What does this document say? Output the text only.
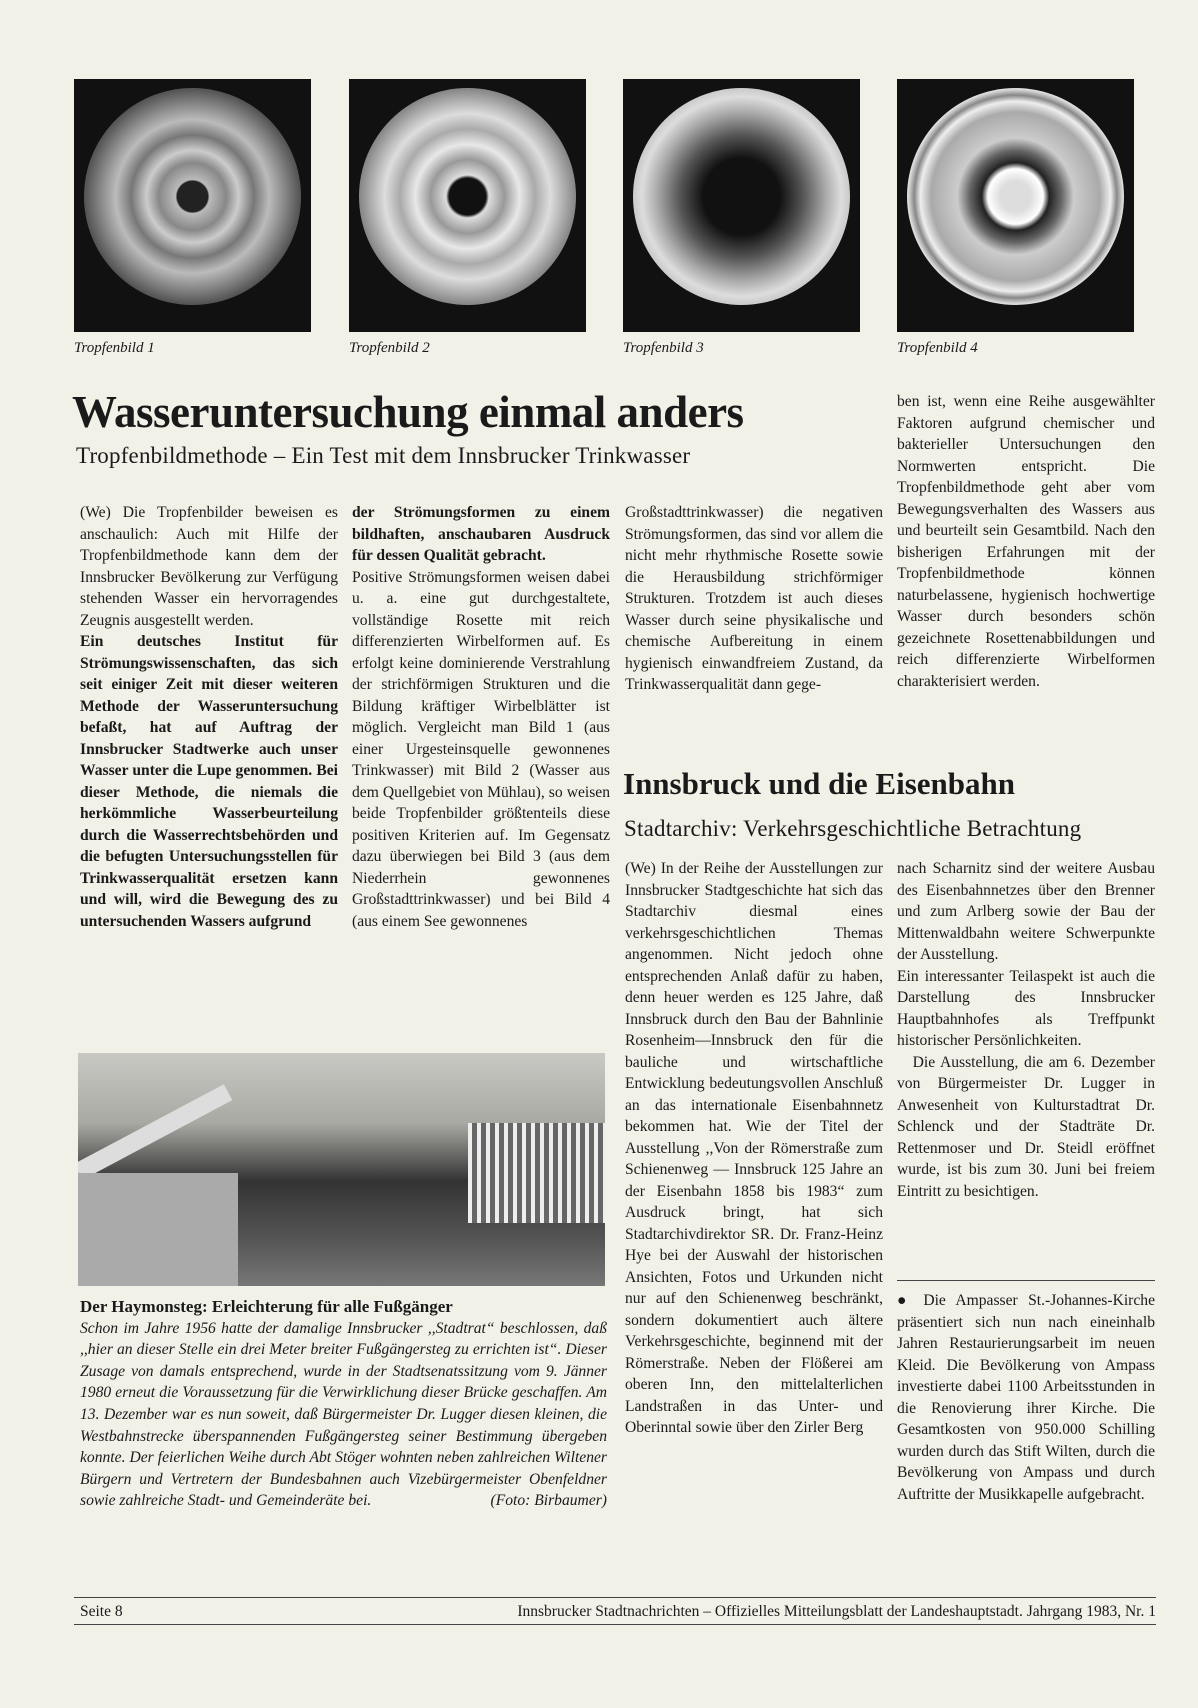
Tropfenbild 1	Tropfenbild 2	Tropfenbild 3	Tropfenbild 4
Wasseruntersuchung einmal anders
Tropfenbildmethode – Ein Test mit dem Innsbrucker Trinkwasser

(We) Die Tropfenbilder beweisen es anschaulich: Auch mit Hilfe der Tropfenbildmethode kann dem der Innsbrucker Bevölkerung zur Verfügung stehenden Wasser ein hervorragendes Zeugnis ausgestellt werden.

Ein deutsches Institut für Strömungswissenschaften, das sich seit einiger Zeit mit dieser weiteren Methode der Wasseruntersuchung befaßt, hat auf Auftrag der Innsbrucker Stadtwerke auch unser Wasser unter die Lupe genommen. Bei dieser Methode, die niemals die herkömmliche Wasserbeurteilung durch die Wasserrechtsbehörden und die befugten Untersuchungsstellen für Trinkwasserqualität ersetzen kann und will, wird die Bewegung des zu untersuchenden Wassers aufgrund

der Strömungsformen zu einem bildhaften, anschaubaren Ausdruck für dessen Qualität gebracht.

Positive Strömungsformen weisen dabei u. a. eine gut durchgestaltete, vollständige Rosette mit reich differenzierten Wirbelformen auf. Es erfolgt keine dominierende Verstrahlung der strichförmigen Strukturen und die Bildung kräftiger Wirbelblätter ist möglich. Vergleicht man Bild 1 (aus einer Urgesteinsquelle gewonnenes Trinkwasser) mit Bild 2 (Wasser aus dem Quellgebiet von Mühlau), so weisen beide Tropfenbilder größtenteils diese positiven Kriterien auf. Im Gegensatz dazu überwiegen bei Bild 3 (aus dem Niederrhein gewonnenes Großstadttrinkwasser) und bei Bild 4 (aus einem See gewonnenes

Großstadttrinkwasser) die negativen Strömungsformen, das sind vor allem die nicht mehr rhythmische Rosette sowie die Herausbildung strichförmiger Strukturen. Trotzdem ist auch dieses Wasser durch seine physikalische und chemische Aufbereitung in einem hygienisch einwandfreiem Zustand, da Trinkwasserqualität dann gege-

ben ist, wenn eine Reihe ausgewählter Faktoren aufgrund chemischer und bakterieller Untersuchungen den Normwerten entspricht. Die Tropfenbildmethode geht aber vom Bewegungsverhalten des Wassers aus und beurteilt sein Gesamtbild. Nach den bisherigen Erfahrungen mit der Tropfenbildmethode können naturbelassene, hygienisch hochwertige Wasser durch besonders schön gezeichnete Rosettenabbildungen und reich differenzierte Wirbelformen charakterisiert werden.

Innsbruck und die Eisenbahn
Stadtarchiv: Verkehrsgeschichtliche Betrachtung
Der Haymonsteg: Erleichterung für alle Fußgänger
Schon im Jahre 1956 hatte der damalige Innsbrucker ,,Stadtrat“ beschlossen, daß ,,hier an dieser Stelle ein drei Meter breiter Fußgängersteg zu errichten ist“. Dieser Zusage von damals entsprechend, wurde in der Stadtsenatssitzung vom 9. Jänner 1980 erneut die Voraussetzung für die Verwirklichung dieser Brücke geschaffen. Am 13. Dezember war es nun soweit, daß Bürgermeister Dr. Lugger diesen kleinen, die Westbahnstrecke überspannenden Fußgängersteg seiner Bestimmung übergeben konnte. Der feierlichen Weihe durch Abt Stöger wohnten neben zahlreichen Wiltener Bürgern und Vertretern der Bundesbahnen auch Vizebürgermeister Obenfeldner sowie zahlreiche Stadt- und Gemeinderäte bei.	(Foto: Birbaumer)

(We) In der Reihe der Ausstellungen zur Innsbrucker Stadtgeschichte hat sich das Stadtarchiv diesmal eines verkehrsgeschichtlichen Themas angenommen. Nicht jedoch ohne entsprechenden Anlaß dafür zu haben, denn heuer werden es 125 Jahre, daß Innsbruck durch den Bau der Bahnlinie Rosenheim—Innsbruck den für die bauliche und wirtschaftliche Entwicklung bedeutungsvollen Anschluß an das internationale Eisenbahnnetz bekommen hat. Wie der Titel der Ausstellung ,,Von der Römerstraße zum Schienenweg — Innsbruck 125 Jahre an der Eisenbahn 1858 bis 1983“ zum Ausdruck bringt, hat sich Stadtarchivdirektor SR. Dr. Franz-Heinz Hye bei der Auswahl der historischen Ansichten, Fotos und Urkunden nicht nur auf den Schienenweg beschränkt, sondern dokumentiert auch ältere Verkehrsgeschichte, beginnend mit der Römerstraße. Neben der Flößerei am oberen Inn, den mittelalterlichen Landstraßen in das Unter- und Oberinntal sowie über den Zirler Berg

nach Scharnitz sind der weitere Ausbau des Eisenbahnnetzes über den Brenner und zum Arlberg sowie der Bau der Mittenwaldbahn weitere Schwerpunkte der Ausstellung.

Ein interessanter Teilaspekt ist auch die Darstellung des Innsbrucker Hauptbahnhofes als Treffpunkt historischer Persönlichkeiten.

Die Ausstellung, die am 6. Dezember von Bürgermeister Dr. Lugger in Anwesenheit von Kulturstadtrat Dr. Schlenck und der Stadträte Dr. Rettenmoser und Dr. Steidl eröffnet wurde, ist bis zum 30. Juni bei freiem Eintritt zu besichtigen.

● Die Ampasser St.-Johannes-Kirche präsentiert sich nun nach eineinhalb Jahren Restaurierungsarbeit im neuen Kleid. Die Bevölkerung von Ampass investierte dabei 1100 Arbeitsstunden in die Renovierung ihrer Kirche. Die Gesamtkosten von 950.000 Schilling wurden durch das Stift Wilten, durch die Bevölkerung von Ampass und durch Auftritte der Musikkapelle aufgebracht.

Seite 8	Innsbrucker Stadtnachrichten – Offizielles Mitteilungsblatt der Landeshauptstadt. Jahrgang 1983, Nr. 1
